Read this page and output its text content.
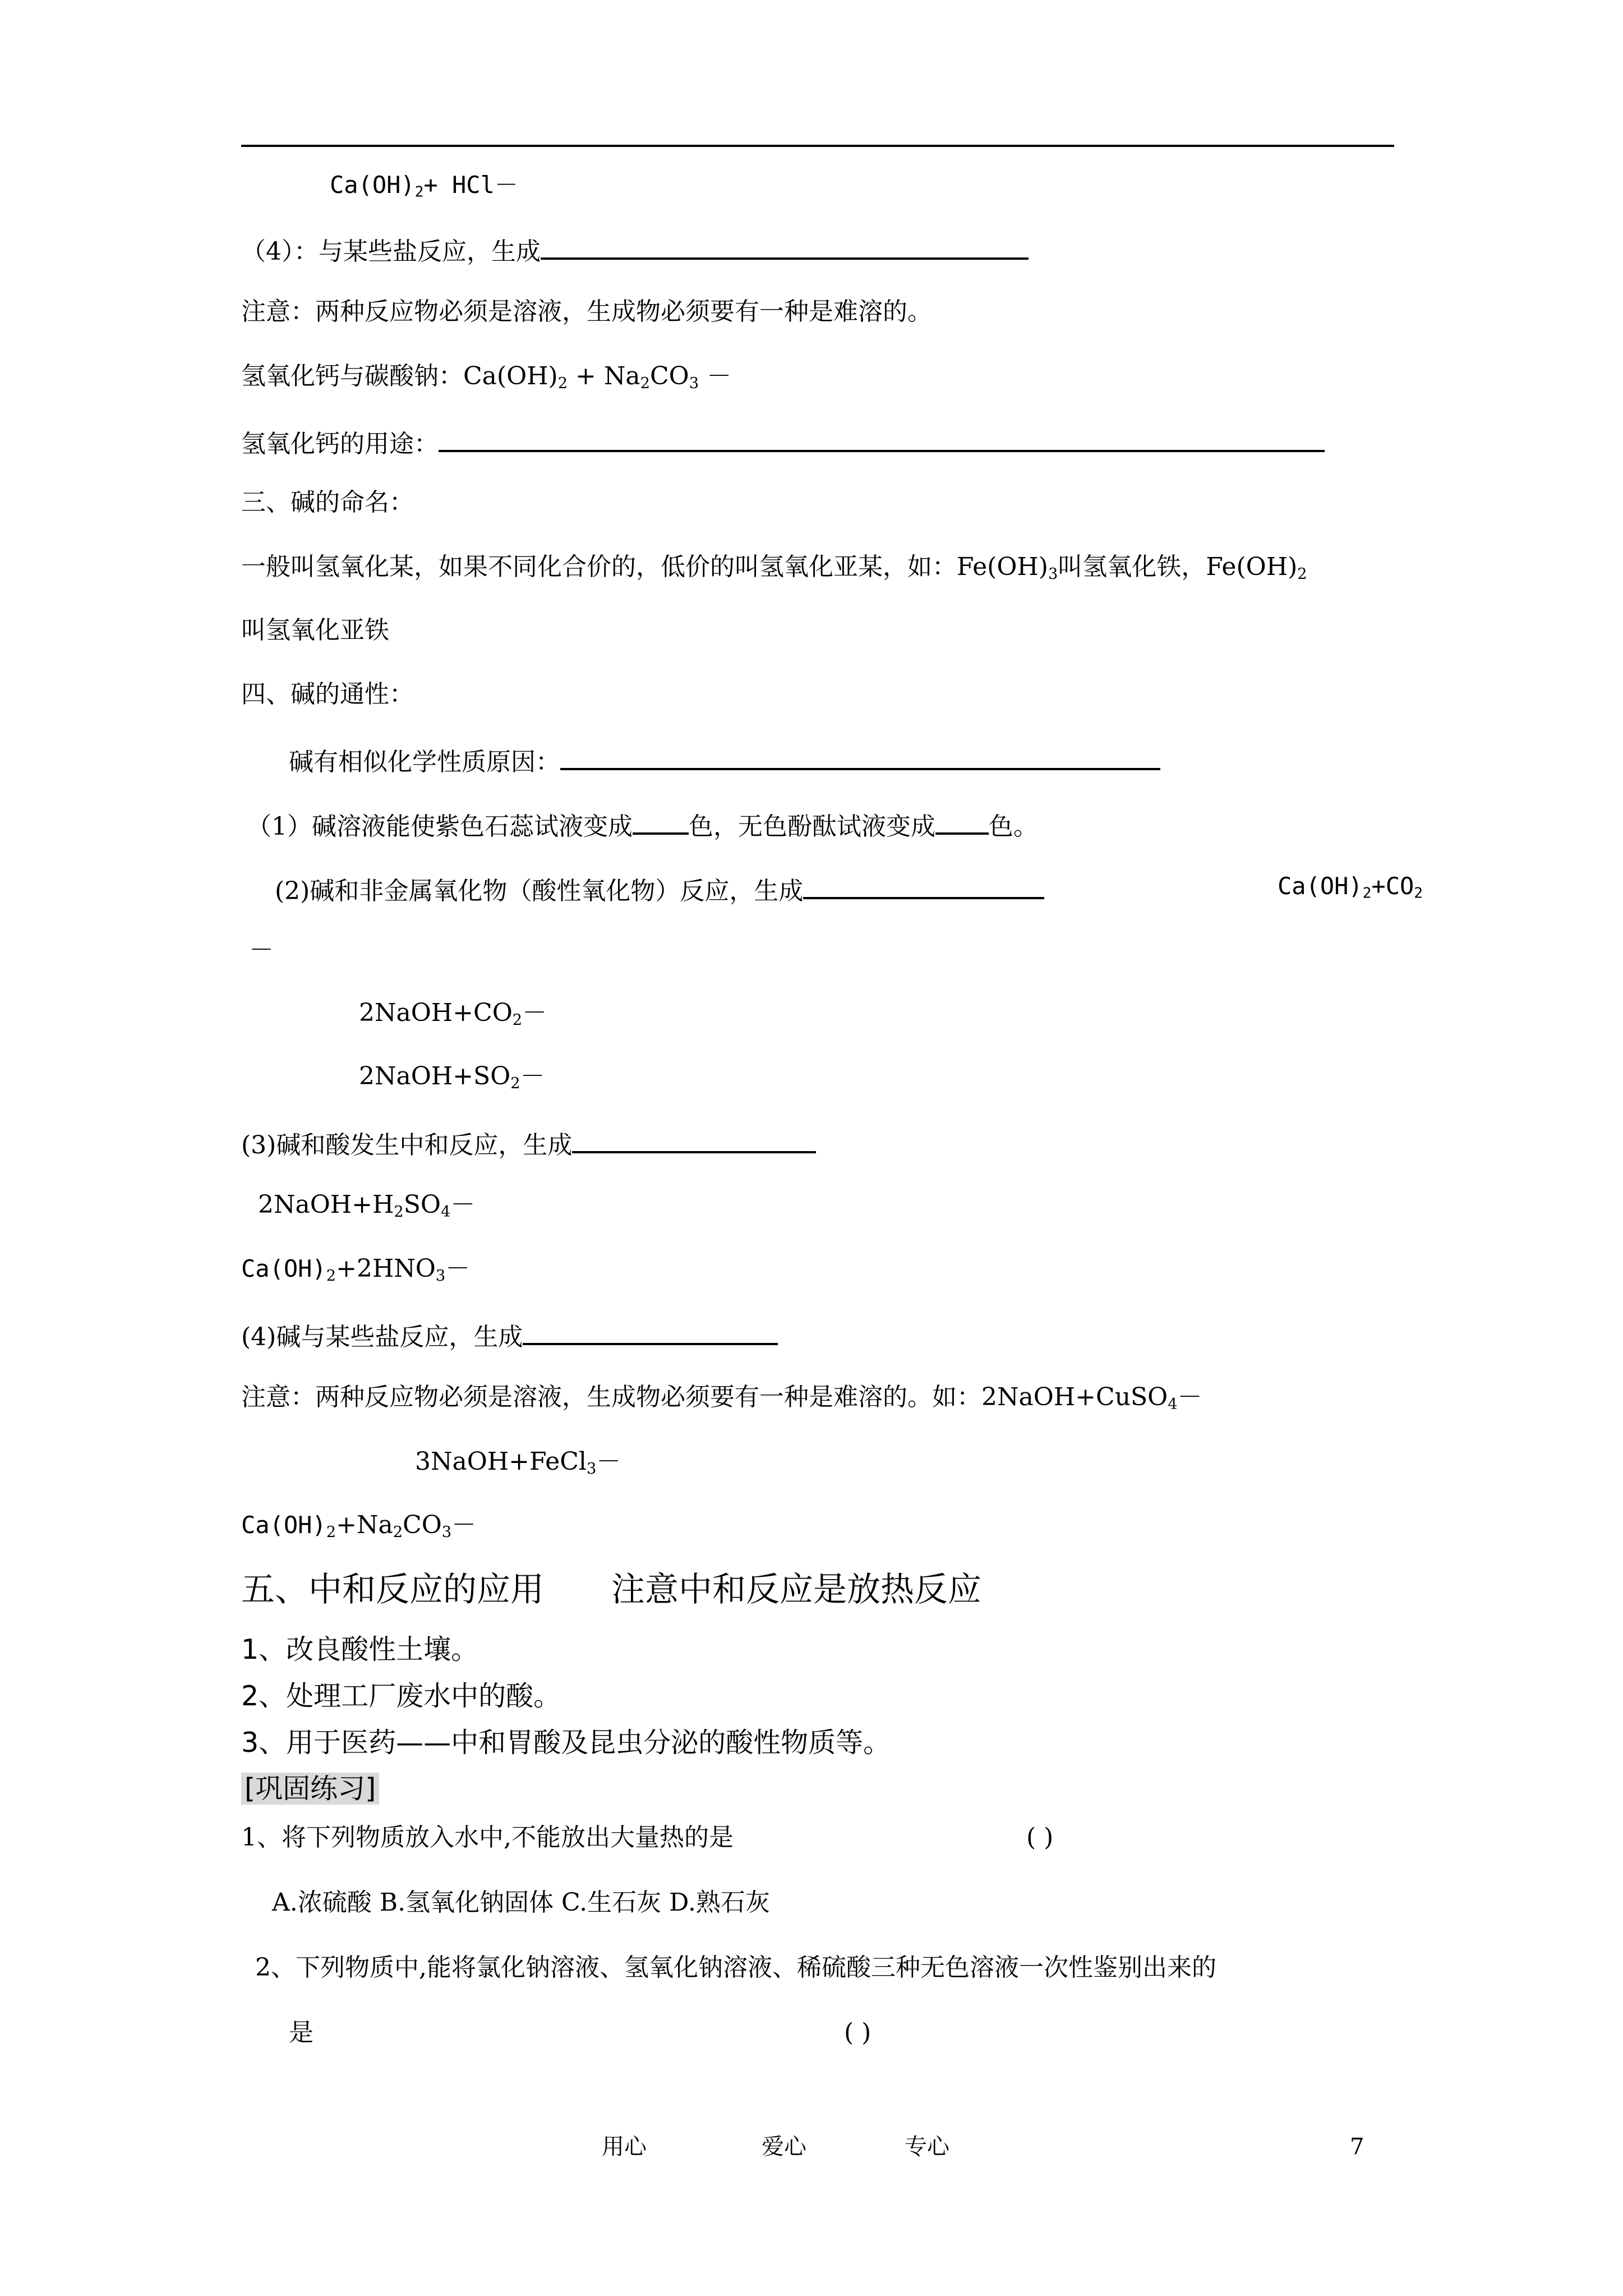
$Ca(OH)_2+ HCl-$
（4）：与某些盐反应，生成
注意：两种反应物必须是溶液，生成物必须要有一种是难溶的。
氢氧化钙与碳酸钠：$Ca(OH)_2 + Na_2CO_3$ －
氢氧化钙的用途：
三、碱的命名：
一般叫氢氧化某，如果不同化合价的，低价的叫氢氧化亚某，如：$Fe(OH)_3$叫氢氧化铁，$Fe(OH)_2$
叫氢氧化亚铁
四、碱的通性：
碱有相似化学性质原因：
（1）碱溶液能使紫色石蕊试液变成 色，无色酚酞试液变成 色。
(2)碱和非金属氧化物（酸性氧化物）反应，生成	$Ca(OH)_2+CO_2$
－
$2NaOH+CO_2-$
$2NaOH+SO_2-$
(3)碱和酸发生中和反应，生成
$2NaOH+H_2SO_4-$
$Ca(OH)_2+2HNO_3-$
(4)碱与某些盐反应，生成
注意：两种反应物必须是溶液，生成物必须要有一种是难溶的。如：2NaOH+CuSO$_4$－
3NaOH+FeCl$_3$－
$Ca(OH)_2+Na_2CO_3-$
五、中和反应的应用 注意中和反应是放热反应
1、改良酸性土壤。
2、处理工厂废水中的酸。
3、用于医药——中和胃酸及昆虫分泌的酸性物质等。
[巩固练习]
1、将下列物质放入水中,不能放出大量热的是	( )
A.浓硫酸 B.氢氧化钠固体 C.生石灰 D.熟石灰
2、下列物质中,能将氯化钠溶液、氢氧化钠溶液、稀硫酸三种无色溶液一次性鉴别出来的
是	( )
用心	爱心	专心	7
